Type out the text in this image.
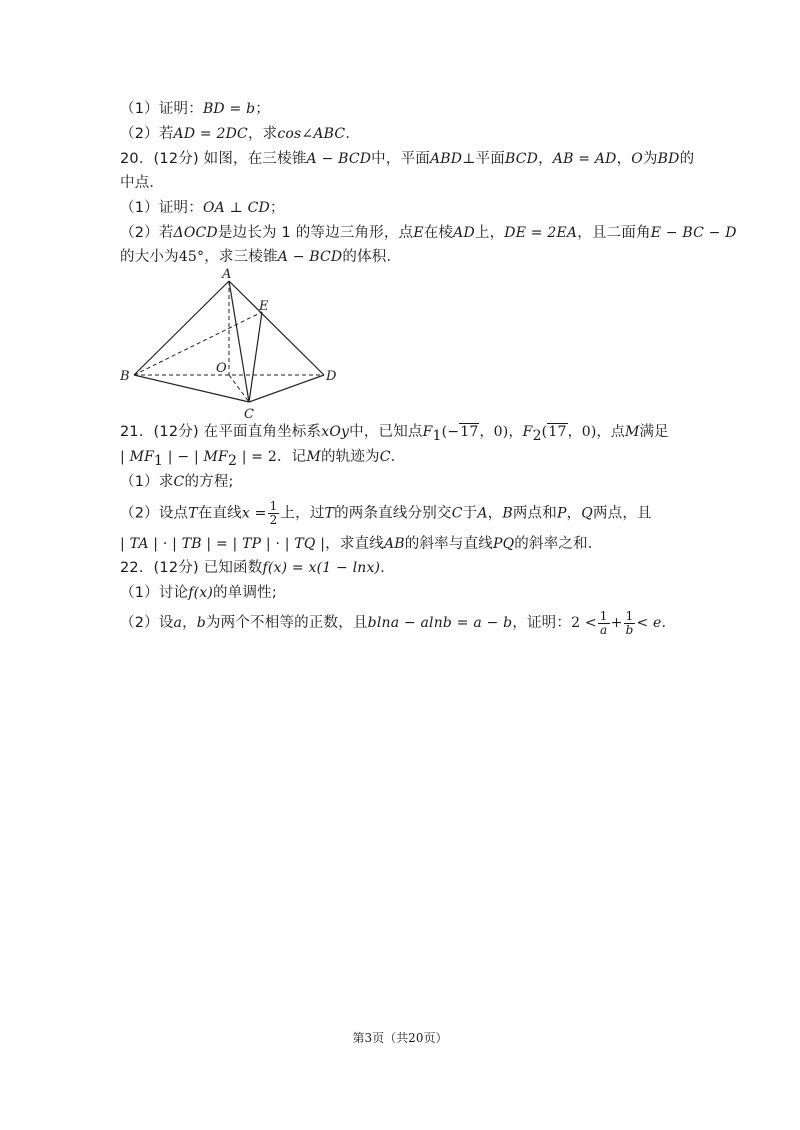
（1）证明：BD = b；
（2）若AD = 2DC，求cos∠ABC．
20．(12分) 如图，在三棱锥A − BCD中，平面ABD⊥平面BCD，AB = AD，O为BD的
中点．
（1）证明：OA ⊥ CD；
（2）若ΔOCD是边长为 1 的等边三角形，点E在棱AD上，DE = 2EA，且二面角E − BC − D
的大小为45°，求三棱锥A − BCD的体积．
A
B
C
D
E
O
21．(12分) 在平面直角坐标系xOy中，已知点$F_1(-17$，0)，$F_2(17$，0)，点M满足
| $MF_1$ | − | $MF_2$ | = 2．记M的轨迹为C．
（1）求C的方程;
（2）设点T在直线$x = \frac{1}{2}$ 上，过T的两条直线分别交C于A，B两点和P，Q两点，且
| TA | · | TB | = | TP | · | TQ |，求直线AB的斜率与直线PQ的斜率之和．
22．(12分) 已知函数f(x) = x(1 − lnx)．
（1）讨论f(x)的单调性;
（2）设a，b为两个不相等的正数，且blna − alnb = a − b，证明：$2 < \frac{1}{a} + \frac{1}{b} < e$．
第3页（共20页）
